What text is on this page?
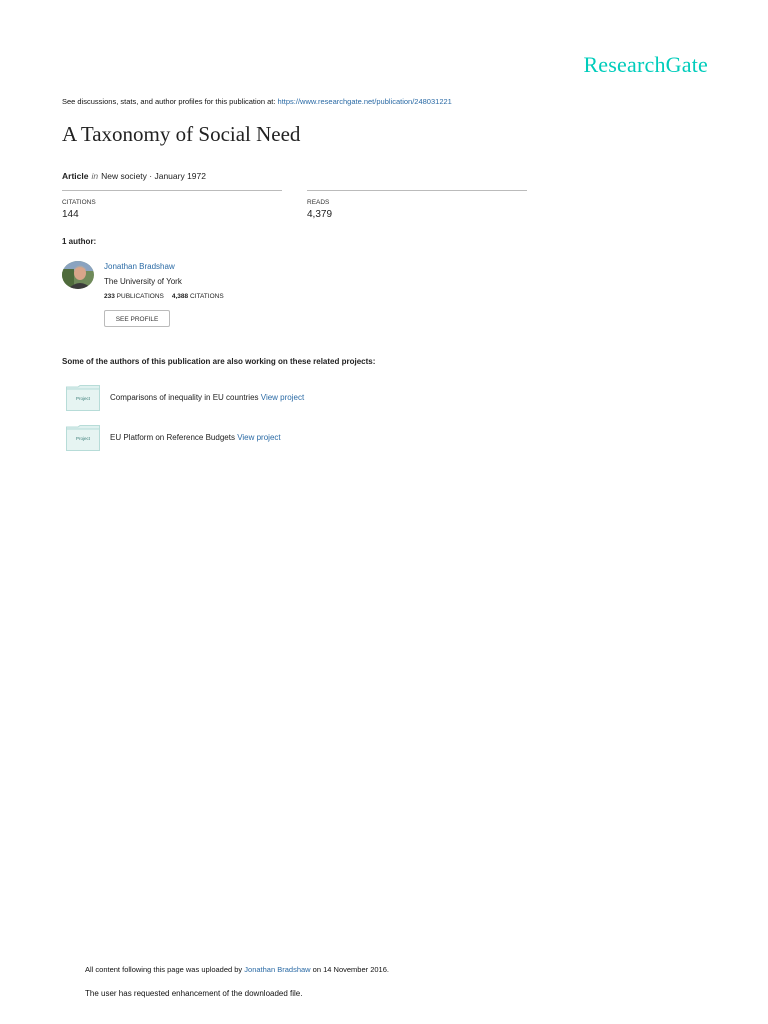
ResearchGate
See discussions, stats, and author profiles for this publication at: https://www.researchgate.net/publication/248031221
A Taxonomy of Social Need
Article in New society · January 1972
CITATIONS
144
READS
4,379
1 author:
Jonathan Bradshaw
The University of York
233 PUBLICATIONS 4,388 CITATIONS
SEE PROFILE
Some of the authors of this publication are also working on these related projects:
Project	Comparisons of inequality in EU countries View project
Project	EU Platform on Reference Budgets View project
All content following this page was uploaded by Jonathan Bradshaw on 14 November 2016.
The user has requested enhancement of the downloaded file.
